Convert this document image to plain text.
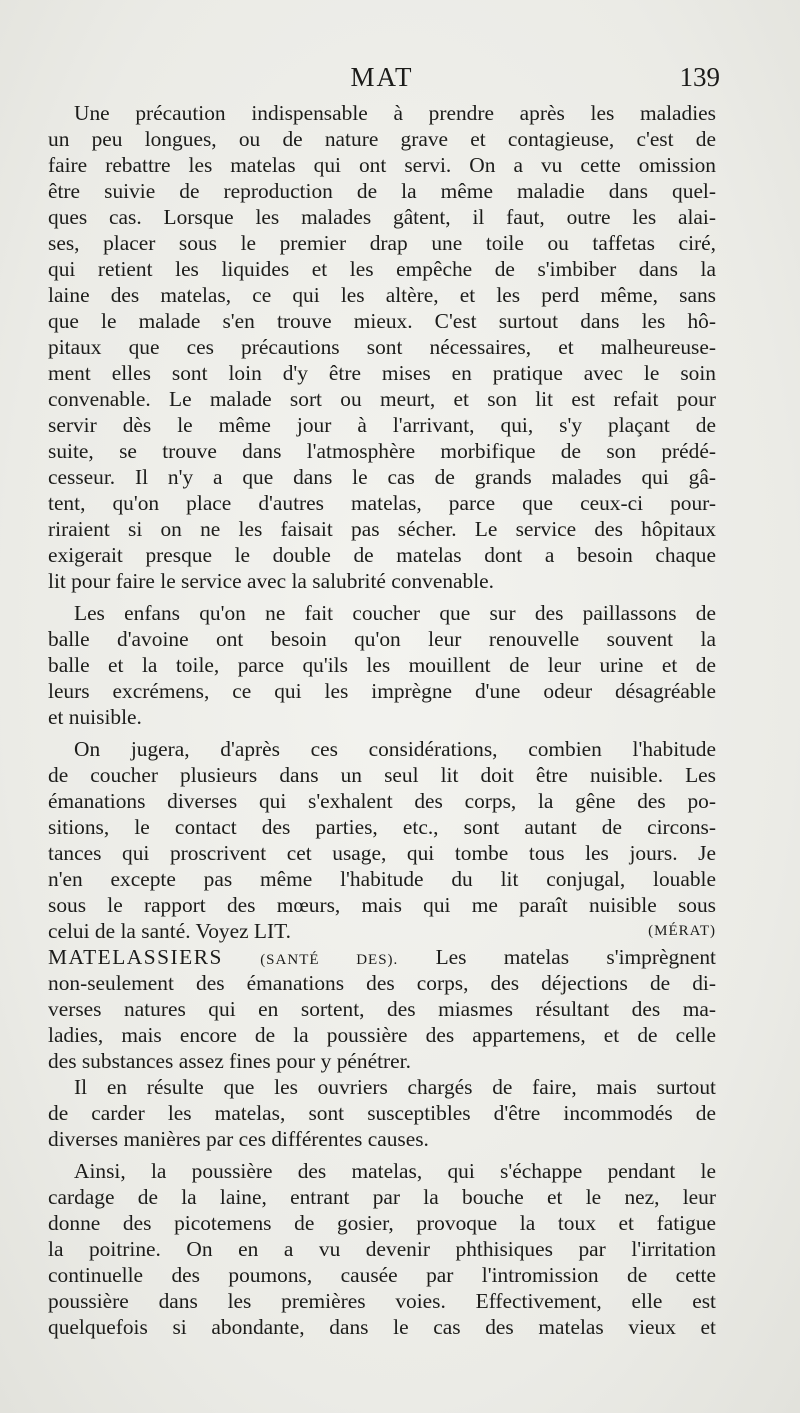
MAT	139
Une précaution indispensable à prendre après les maladies
un peu longues, ou de nature grave et contagieuse, c'est de
faire rebattre les matelas qui ont servi. On a vu cette omission
être suivie de reproduction de la même maladie dans quel-
ques cas. Lorsque les malades gâtent, il faut, outre les alai-
ses, placer sous le premier drap une toile ou taffetas ciré,
qui retient les liquides et les empêche de s'imbiber dans la
laine des matelas, ce qui les altère, et les perd même, sans
que le malade s'en trouve mieux. C'est surtout dans les hô-
pitaux que ces précautions sont nécessaires, et malheureuse-
ment elles sont loin d'y être mises en pratique avec le soin
convenable. Le malade sort ou meurt, et son lit est refait pour
servir dès le même jour à l'arrivant, qui, s'y plaçant de
suite, se trouve dans l'atmosphère morbifique de son prédé-
cesseur. Il n'y a que dans le cas de grands malades qui gâ-
tent, qu'on place d'autres matelas, parce que ceux-ci pour-
riraient si on ne les faisait pas sécher. Le service des hôpitaux
exigerait presque le double de matelas dont a besoin chaque
lit pour faire le service avec la salubrité convenable.
Les enfans qu'on ne fait coucher que sur des paillassons de
balle d'avoine ont besoin qu'on leur renouvelle souvent la
balle et la toile, parce qu'ils les mouillent de leur urine et de
leurs excrémens, ce qui les imprègne d'une odeur désagréable
et nuisible.
On jugera, d'après ces considérations, combien l'habitude
de coucher plusieurs dans un seul lit doit être nuisible. Les
émanations diverses qui s'exhalent des corps, la gêne des po-
sitions, le contact des parties, etc., sont autant de circons-
tances qui proscrivent cet usage, qui tombe tous les jours. Je
n'en excepte pas même l'habitude du lit conjugal, louable
sous le rapport des mœurs, mais qui me paraît nuisible sous
celui de la santé. Voyez LIT.	(MÉRAT)
MATELASSIERS (SANTÉ DES). Les matelas s'imprègnent
non-seulement des émanations des corps, des déjections de di-
verses natures qui en sortent, des miasmes résultant des ma-
ladies, mais encore de la poussière des appartemens, et de celle
des substances assez fines pour y pénétrer.
Il en résulte que les ouvriers chargés de faire, mais surtout
de carder les matelas, sont susceptibles d'être incommodés de
diverses manières par ces différentes causes.
Ainsi, la poussière des matelas, qui s'échappe pendant le
cardage de la laine, entrant par la bouche et le nez, leur
donne des picotemens de gosier, provoque la toux et fatigue
la poitrine. On en a vu devenir phthisiques par l'irritation
continuelle des poumons, causée par l'intromission de cette
poussière dans les premières voies. Effectivement, elle est
quelquefois si abondante, dans le cas des matelas vieux et
